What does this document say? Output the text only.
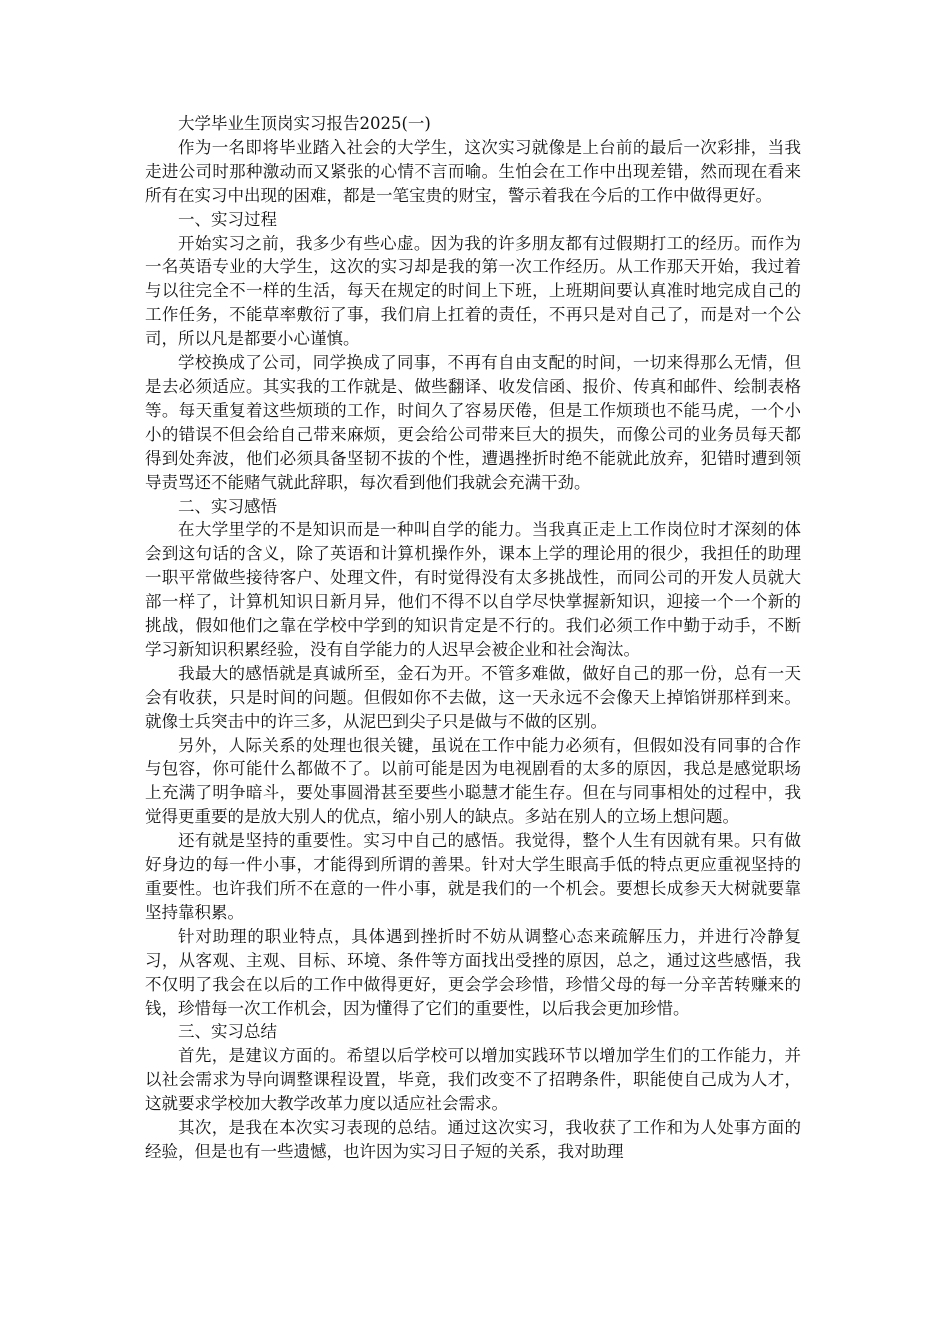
大学毕业生顶岗实习报告2025(一)

作为一名即将毕业踏入社会的大学生，这次实习就像是上台前的最后一次彩排，当我走进公司时那种激动而又紧张的心情不言而喻。生怕会在工作中出现差错，然而现在看来所有在实习中出现的困难，都是一笔宝贵的财宝，警示着我在今后的工作中做得更好。

一、实习过程

开始实习之前，我多少有些心虚。因为我的许多朋友都有过假期打工的经历。而作为一名英语专业的大学生，这次的实习却是我的第一次工作经历。从工作那天开始，我过着与以往完全不一样的生活，每天在规定的时间上下班，上班期间要认真准时地完成自己的工作任务，不能草率敷衍了事，我们肩上扛着的责任，不再只是对自己了，而是对一个公司，所以凡是都要小心谨慎。

学校换成了公司，同学换成了同事，不再有自由支配的时间，一切来得那么无情，但是去必须适应。其实我的工作就是、做些翻译、收发信函、报价、传真和邮件、绘制表格等。每天重复着这些烦琐的工作，时间久了容易厌倦，但是工作烦琐也不能马虎，一个小小的错误不但会给自己带来麻烦，更会给公司带来巨大的损失，而像公司的业务员每天都得到处奔波，他们必须具备坚韧不拔的个性，遭遇挫折时绝不能就此放弃，犯错时遭到领导责骂还不能赌气就此辞职，每次看到他们我就会充满干劲。

二、实习感悟

在大学里学的不是知识而是一种叫自学的能力。当我真正走上工作岗位时才深刻的体会到这句话的含义，除了英语和计算机操作外，课本上学的理论用的很少，我担任的助理一职平常做些接待客户、处理文件，有时觉得没有太多挑战性，而同公司的开发人员就大部一样了，计算机知识日新月异，他们不得不以自学尽快掌握新知识，迎接一个一个新的挑战，假如他们之靠在学校中学到的知识肯定是不行的。我们必须工作中勤于动手，不断学习新知识积累经验，没有自学能力的人迟早会被企业和社会淘汰。

我最大的感悟就是真诚所至，金石为开。不管多难做，做好自己的那一份，总有一天会有收获，只是时间的问题。但假如你不去做，这一天永远不会像天上掉馅饼那样到来。就像士兵突击中的许三多，从泥巴到尖子只是做与不做的区别。

另外，人际关系的处理也很关键，虽说在工作中能力必须有，但假如没有同事的合作与包容，你可能什么都做不了。以前可能是因为电视剧看的太多的原因，我总是感觉职场上充满了明争暗斗，要处事圆滑甚至要些小聪慧才能生存。但在与同事相处的过程中，我觉得更重要的是放大别人的优点，缩小别人的缺点。多站在别人的立场上想问题。

还有就是坚持的重要性。实习中自己的感悟。我觉得，整个人生有因就有果。只有做好身边的每一件小事，才能得到所谓的善果。针对大学生眼高手低的特点更应重视坚持的重要性。也许我们所不在意的一件小事，就是我们的一个机会。要想长成参天大树就要靠坚持靠积累。

针对助理的职业特点，具体遇到挫折时不妨从调整心态来疏解压力，并进行冷静复习，从客观、主观、目标、环境、条件等方面找出受挫的原因，总之，通过这些感悟，我不仅明了我会在以后的工作中做得更好，更会学会珍惜，珍惜父母的每一分辛苦转赚来的钱，珍惜每一次工作机会，因为懂得了它们的重要性，以后我会更加珍惜。

三、实习总结

首先，是建议方面的。希望以后学校可以增加实践环节以增加学生们的工作能力，并以社会需求为导向调整课程设置，毕竟，我们改变不了招聘条件，职能使自己成为人才，这就要求学校加大教学改革力度以适应社会需求。

其次，是我在本次实习表现的总结。通过这次实习，我收获了工作和为人处事方面的经验，但是也有一些遗憾，也许因为实习日子短的关系，我对助理
